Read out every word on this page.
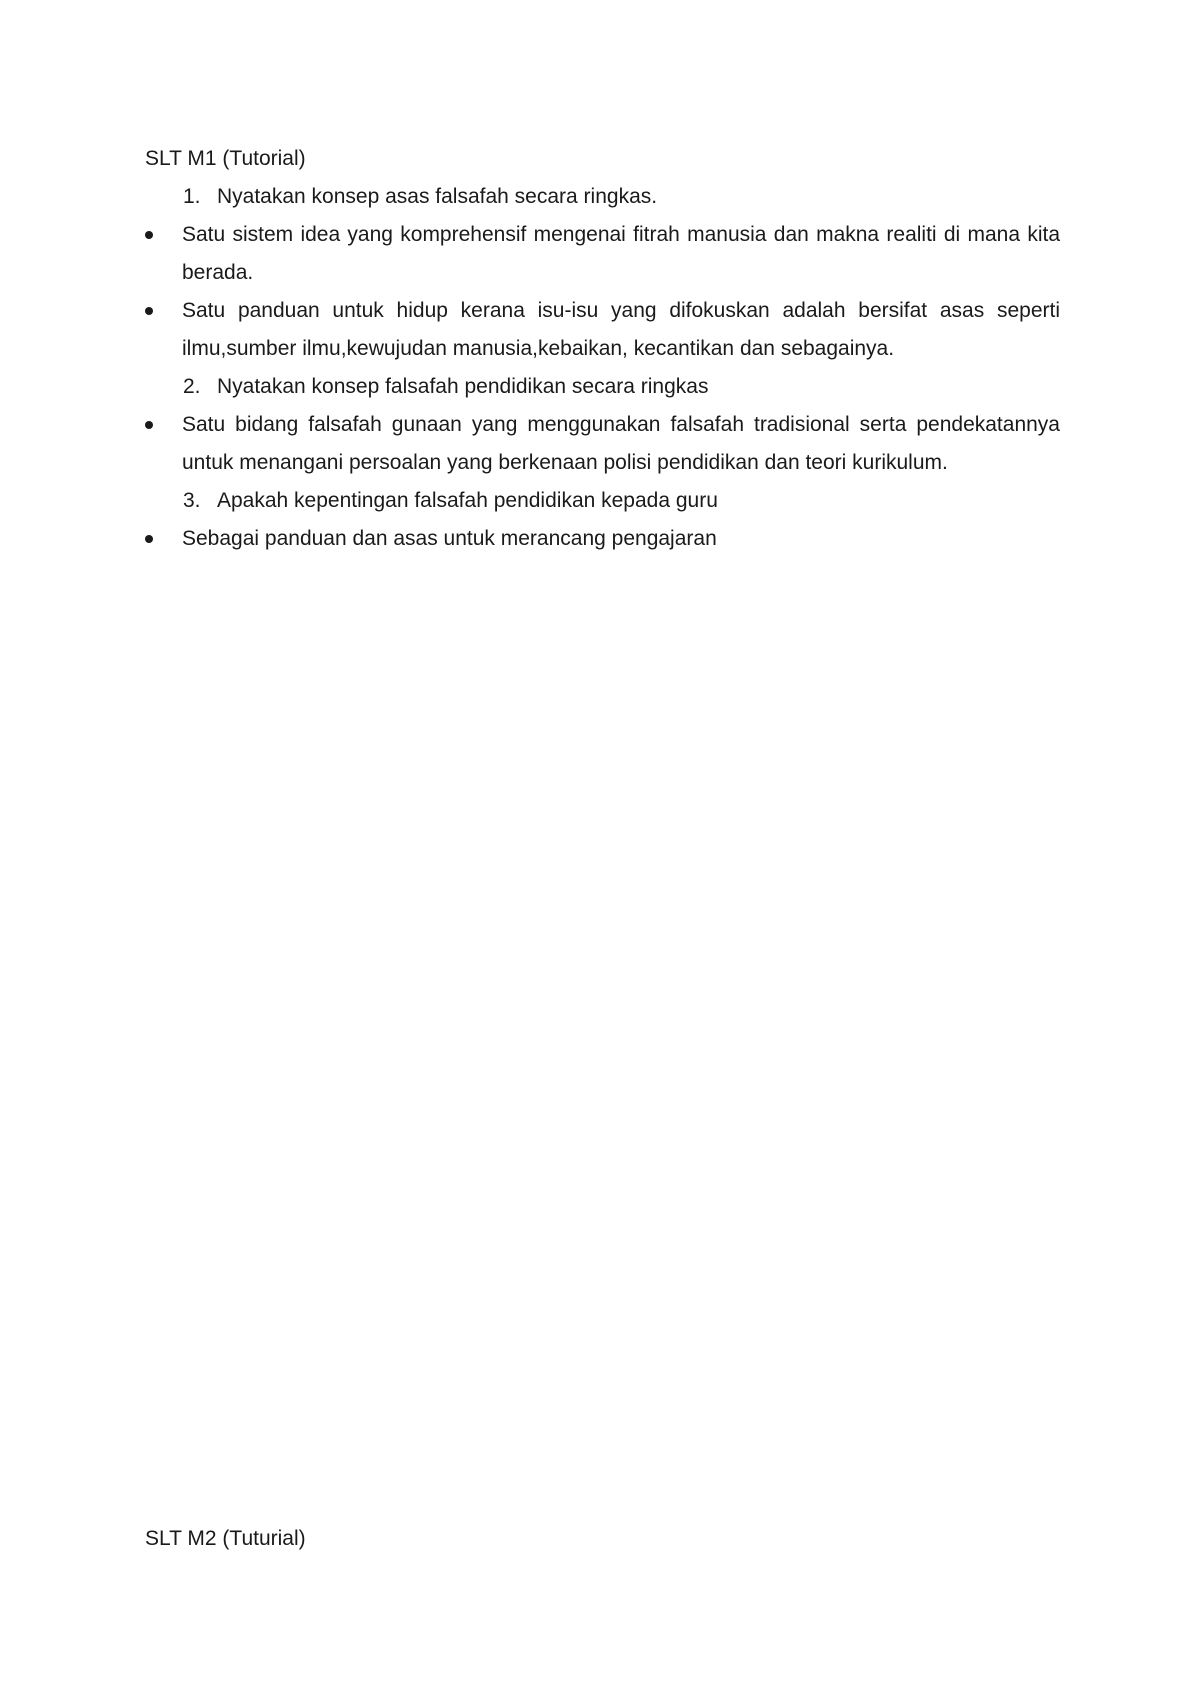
SLT M1 (Tutorial)

1. Nyatakan konsep asas falsafah secara ringkas.

Satu sistem idea yang komprehensif mengenai fitrah manusia dan makna realiti di mana kita berada.

Satu panduan untuk hidup kerana isu-isu yang difokuskan adalah bersifat asas seperti ilmu,sumber ilmu,kewujudan manusia,kebaikan, kecantikan dan sebagainya.

2. Nyatakan konsep falsafah pendidikan secara ringkas

Satu bidang falsafah gunaan yang menggunakan falsafah tradisional serta pendekatannya untuk menangani persoalan yang berkenaan polisi pendidikan dan teori kurikulum.

3. Apakah kepentingan falsafah pendidikan kepada guru

Sebagai panduan dan asas untuk merancang pengajaran

SLT M2 (Tuturial)
